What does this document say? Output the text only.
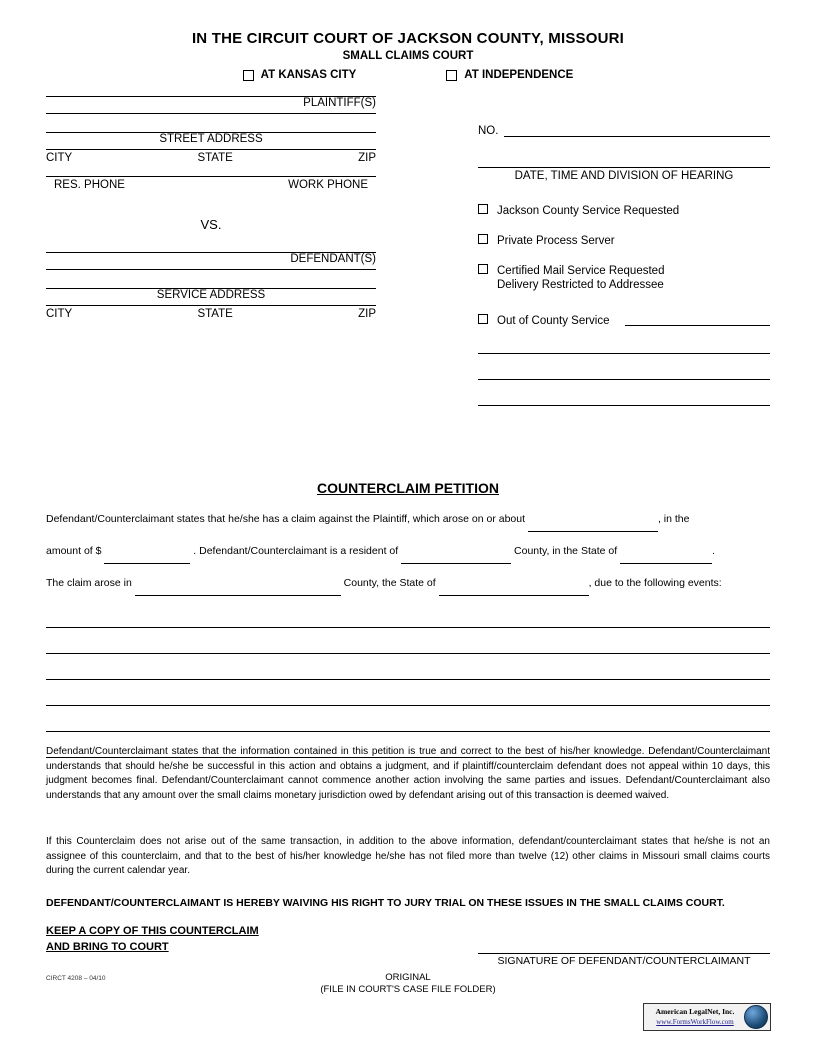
IN THE CIRCUIT COURT OF JACKSON COUNTY, MISSOURI
SMALL CLAIMS COURT
AT KANSAS CITY	AT INDEPENDENCE
PLAINTIFF(S)
STREET ADDRESS
CITY	STATE	ZIP
RES. PHONE	WORK PHONE
VS.
DEFENDANT(S)
SERVICE ADDRESS
CITY	STATE	ZIP
NO.
DATE, TIME AND DIVISION OF HEARING
Jackson County Service Requested
Private Process Server
Certified Mail Service Requested
Delivery Restricted to Addressee
Out of County Service
COUNTERCLAIM PETITION
Defendant/Counterclaimant states that he/she has a claim against the Plaintiff, which arose on or about	, in the
amount of $	. Defendant/Counterclaimant is a resident of	County, in the State of	.
The claim arose in	County, the State of	, due to the following events:
Defendant/Counterclaimant states that the information contained in this petition is true and correct to the best of his/her knowledge. Defendant/Counterclaimant understands that should he/she be successful in this action and obtains a judgment, and if plaintiff/counterclaim defendant does not appeal within 10 days, this judgment becomes final. Defendant/Counterclaimant cannot commence another action involving the same parties and issues. Defendant/Counterclaimant also understands that any amount over the small claims monetary jurisdiction owed by defendant arising out of this transaction is deemed waived.
If this Counterclaim does not arise out of the same transaction, in addition to the above information, defendant/counterclaimant states that he/she is not an assignee of this counterclaim, and that to the best of his/her knowledge he/she has not filed more than twelve (12) other claims in Missouri small claims courts during the current calendar year.
DEFENDANT/COUNTERCLAIMANT IS HEREBY WAIVING HIS RIGHT TO JURY TRIAL ON THESE ISSUES IN THE SMALL CLAIMS COURT.
KEEP A COPY OF THIS COUNTERCLAIM
AND BRING TO COURT
SIGNATURE OF DEFENDANT/COUNTERCLAIMANT
CIRCT 4208 – 04/10	ORIGINAL
(FILE IN COURT'S CASE FILE FOLDER)
American LegalNet, Inc.
www.FormsWorkFlow.com
